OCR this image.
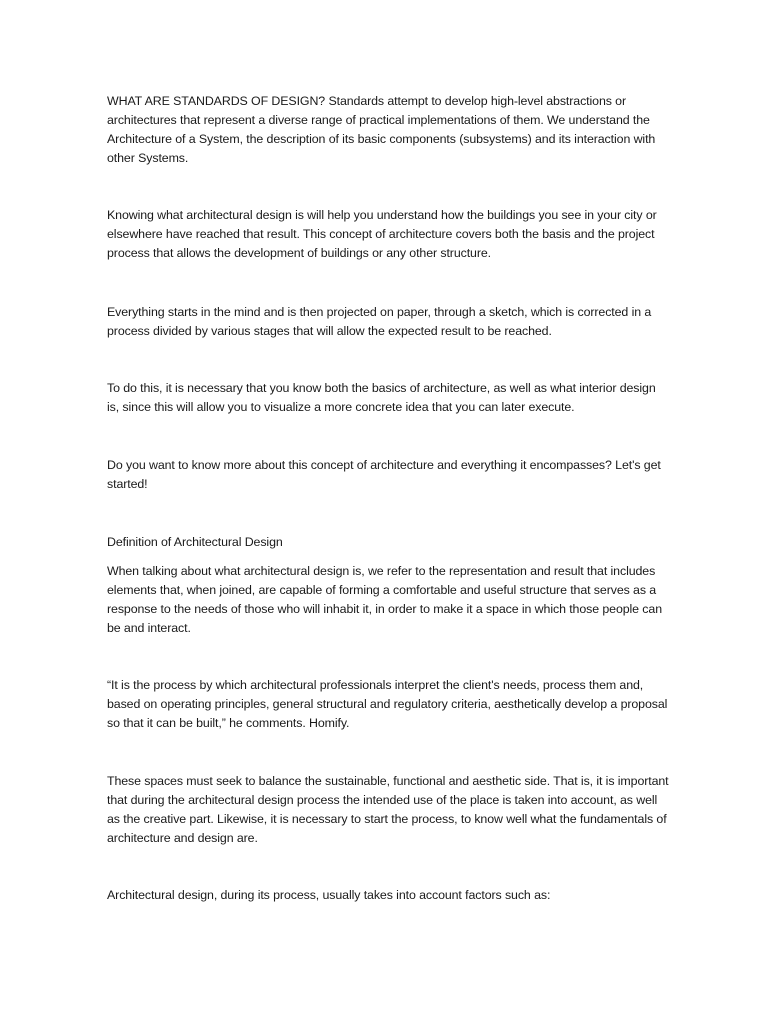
WHAT ARE STANDARDS OF DESIGN? Standards attempt to develop high-level abstractions or architectures that represent a diverse range of practical implementations of them. We understand the Architecture of a System, the description of its basic components (subsystems) and its interaction with other Systems.

Knowing what architectural design is will help you understand how the buildings you see in your city or elsewhere have reached that result. This concept of architecture covers both the basis and the project process that allows the development of buildings or any other structure.

Everything starts in the mind and is then projected on paper, through a sketch, which is corrected in a process divided by various stages that will allow the expected result to be reached.

To do this, it is necessary that you know both the basics of architecture, as well as what interior design is, since this will allow you to visualize a more concrete idea that you can later execute.

Do you want to know more about this concept of architecture and everything it encompasses? Let's get started!

Definition of Architectural Design

When talking about what architectural design is, we refer to the representation and result that includes elements that, when joined, are capable of forming a comfortable and useful structure that serves as a response to the needs of those who will inhabit it, in order to make it a space in which those people can be and interact.

“It is the process by which architectural professionals interpret the client's needs, process them and, based on operating principles, general structural and regulatory criteria, aesthetically develop a proposal so that it can be built,” he comments. Homify.

These spaces must seek to balance the sustainable, functional and aesthetic side. That is, it is important that during the architectural design process the intended use of the place is taken into account, as well as the creative part. Likewise, it is necessary to start the process, to know well what the fundamentals of architecture and design are.

Architectural design, during its process, usually takes into account factors such as:
